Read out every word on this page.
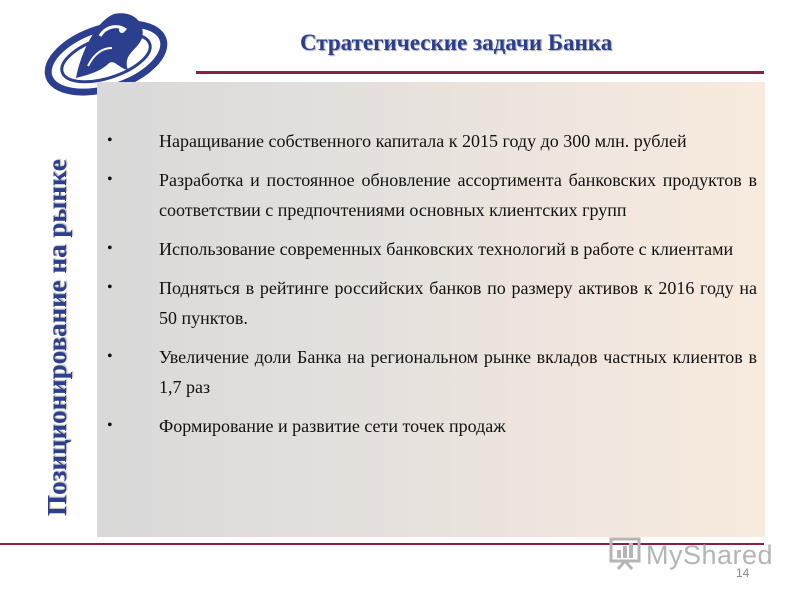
Стратегические задачи Банка
Позиционирование на рынке
•	Наращивание собственного капитала к 2015 году до 300 млн. рублей
•	Разработка и постоянное обновление ассортимента банковских продуктов в соответствии с предпочтениями основных клиентских групп
•	Использование современных банковских технологий в работе с клиентами
•	Подняться в рейтинге российских банков по размеру активов к 2016 году на 50 пунктов.
•	Увеличение доли Банка на региональном рынке вкладов частных клиентов в 1,7 раз
•	Формирование и развитие сети точек продаж
MyShared
14
